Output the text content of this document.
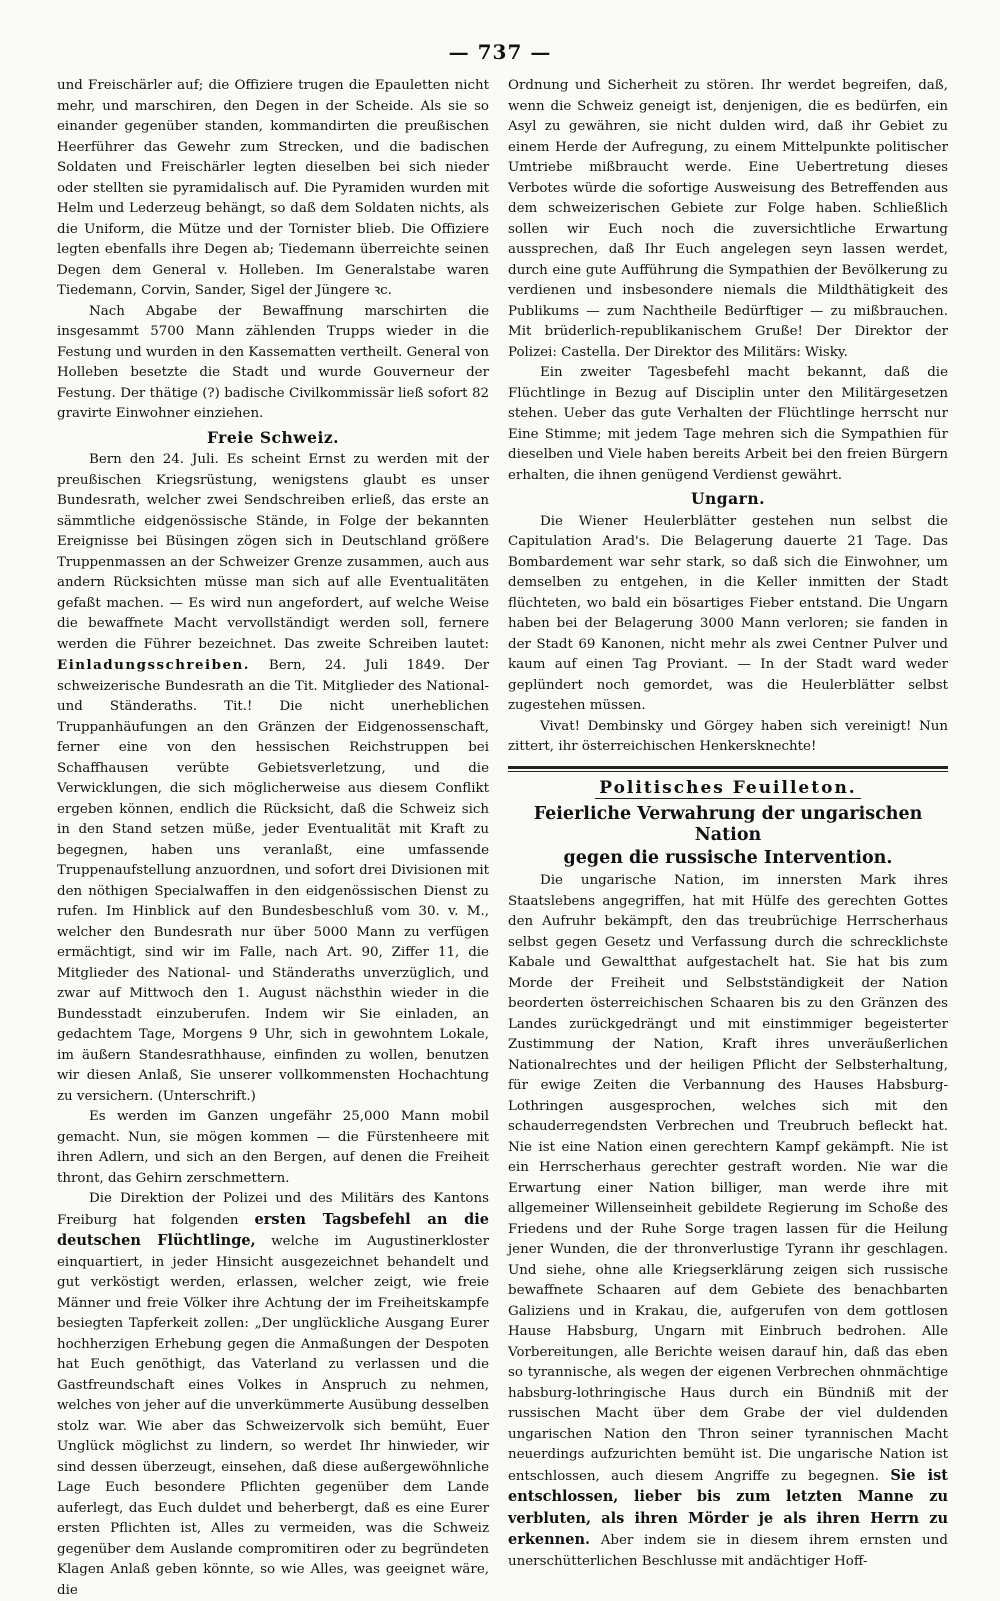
— 737 —

und Freischärler auf; die Offiziere trugen die Epauletten nicht mehr, und marschiren, den Degen in der Scheide. Als sie so einander gegenüber standen, kommandirten die preußischen Heerführer das Gewehr zum Strecken, und die badischen Soldaten und Freischärler legten dieselben bei sich nieder oder stellten sie pyramidalisch auf. Die Pyramiden wurden mit Helm und Lederzeug behängt, so daß dem Soldaten nichts, als die Uniform, die Mütze und der Tornister blieb. Die Offiziere legten ebenfalls ihre Degen ab; Tiedemann überreichte seinen Degen dem General v. Holleben. Im Generalstabe waren Tiedemann, Corvin, Sander, Sigel der Jüngere ꝛc.

Nach Abgabe der Bewaffnung marschirten die insgesammt 5700 Mann zählenden Trupps wieder in die Festung und wurden in den Kassematten vertheilt. General von Holleben besetzte die Stadt und wurde Gouverneur der Festung. Der thätige (?) badische Civilkommissär ließ sofort 82 gravirte Einwohner einziehen.

Freie Schweiz.

Bern den 24. Juli. Es scheint Ernst zu werden mit der preußischen Kriegsrüstung, wenigstens glaubt es unser Bundesrath, welcher zwei Sendschreiben erließ, das erste an sämmtliche eidgenössische Stände, in Folge der bekannten Ereignisse bei Büsingen zögen sich in Deutschland größere Truppenmassen an der Schweizer Grenze zusammen, auch aus andern Rücksichten müsse man sich auf alle Eventualitäten gefaßt machen. — Es wird nun angefordert, auf welche Weise die bewaffnete Macht vervollständigt werden soll, fernere werden die Führer bezeichnet. Das zweite Schreiben lautet: Einladungsschreiben. Bern, 24. Juli 1849. Der schweizerische Bundesrath an die Tit. Mitglieder des National- und Ständeraths. Tit.! Die nicht unerheblichen Truppanhäufungen an den Gränzen der Eidgenossenschaft, ferner eine von den hessischen Reichstruppen bei Schaffhausen verübte Gebietsverletzung, und die Verwicklungen, die sich möglicherweise aus diesem Conflikt ergeben können, endlich die Rücksicht, daß die Schweiz sich in den Stand setzen müße, jeder Eventualität mit Kraft zu begegnen, haben uns veranlaßt, eine umfassende Truppenaufstellung anzuordnen, und sofort drei Divisionen mit den nöthigen Specialwaffen in den eidgenössischen Dienst zu rufen. Im Hinblick auf den Bundesbeschluß vom 30. v. M., welcher den Bundesrath nur über 5000 Mann zu verfügen ermächtigt, sind wir im Falle, nach Art. 90, Ziffer 11, die Mitglieder des National- und Ständeraths unverzüglich, und zwar auf Mittwoch den 1. August nächsthin wieder in die Bundesstadt einzuberufen. Indem wir Sie einladen, an gedachtem Tage, Morgens 9 Uhr, sich in gewohntem Lokale, im äußern Standesrathhause, einfinden zu wollen, benutzen wir diesen Anlaß, Sie unserer vollkommensten Hochachtung zu versichern. (Unterschrift.)

Es werden im Ganzen ungefähr 25,000 Mann mobil gemacht. Nun, sie mögen kommen — die Fürstenheere mit ihren Adlern, und sich an den Bergen, auf denen die Freiheit thront, das Gehirn zerschmettern.

Die Direktion der Polizei und des Militärs des Kantons Freiburg hat folgenden ersten Tagsbefehl an die deutschen Flüchtlinge, welche im Augustinerkloster einquartiert, in jeder Hinsicht ausgezeichnet behandelt und gut verköstigt werden, erlassen, welcher zeigt, wie freie Männer und freie Völker ihre Achtung der im Freiheitskampfe besiegten Tapferkeit zollen: „Der unglückliche Ausgang Eurer hochherzigen Erhebung gegen die Anmaßungen der Despoten hat Euch genöthigt, das Vaterland zu verlassen und die Gastfreundschaft eines Volkes in Anspruch zu nehmen, welches von jeher auf die unverkümmerte Ausübung desselben stolz war. Wie aber das Schweizervolk sich bemüht, Euer Unglück möglichst zu lindern, so werdet Ihr hinwieder, wir sind dessen überzeugt, einsehen, daß diese außergewöhnliche Lage Euch besondere Pflichten gegenüber dem Lande auferlegt, das Euch duldet und beherbergt, daß es eine Eurer ersten Pflichten ist, Alles zu vermeiden, was die Schweiz gegenüber dem Auslande compromitiren oder zu begründeten Klagen Anlaß geben könnte, so wie Alles, was geeignet wäre, die

Ordnung und Sicherheit zu stören. Ihr werdet begreifen, daß, wenn die Schweiz geneigt ist, denjenigen, die es bedürfen, ein Asyl zu gewähren, sie nicht dulden wird, daß ihr Gebiet zu einem Herde der Aufregung, zu einem Mittelpunkte politischer Umtriebe mißbraucht werde. Eine Uebertretung dieses Verbotes würde die sofortige Ausweisung des Betreffenden aus dem schweizerischen Gebiete zur Folge haben. Schließlich sollen wir Euch noch die zuversichtliche Erwartung aussprechen, daß Ihr Euch angelegen seyn lassen werdet, durch eine gute Aufführung die Sympathien der Bevölkerung zu verdienen und insbesondere niemals die Mildthätigkeit des Publikums — zum Nachtheile Bedürftiger — zu mißbrauchen. Mit brüderlich-republikanischem Gruße! Der Direktor der Polizei: Castella. Der Direktor des Militärs: Wisky.

Ein zweiter Tagesbefehl macht bekannt, daß die Flüchtlinge in Bezug auf Disciplin unter den Militärgesetzen stehen. Ueber das gute Verhalten der Flüchtlinge herrscht nur Eine Stimme; mit jedem Tage mehren sich die Sympathien für dieselben und Viele haben bereits Arbeit bei den freien Bürgern erhalten, die ihnen genügend Verdienst gewährt.

Ungarn.

Die Wiener Heulerblätter gestehen nun selbst die Capitulation Arad's. Die Belagerung dauerte 21 Tage. Das Bombardement war sehr stark, so daß sich die Einwohner, um demselben zu entgehen, in die Keller inmitten der Stadt flüchteten, wo bald ein bösartiges Fieber entstand. Die Ungarn haben bei der Belagerung 3000 Mann verloren; sie fanden in der Stadt 69 Kanonen, nicht mehr als zwei Centner Pulver und kaum auf einen Tag Proviant. — In der Stadt ward weder geplündert noch gemordet, was die Heulerblätter selbst zugestehen müssen.

Vivat! Dembinsky und Görgey haben sich vereinigt! Nun zittert, ihr österreichischen Henkersknechte!

Politisches Feuilleton.
Feierliche Verwahrung der ungarischen Nation
gegen die russische Intervention.

Die ungarische Nation, im innersten Mark ihres Staatslebens angegriffen, hat mit Hülfe des gerechten Gottes den Aufruhr bekämpft, den das treubrüchige Herrscherhaus selbst gegen Gesetz und Verfassung durch die schrecklichste Kabale und Gewaltthat aufgestachelt hat. Sie hat bis zum Morde der Freiheit und Selbstständigkeit der Nation beorderten österreichischen Schaaren bis zu den Gränzen des Landes zurückgedrängt und mit einstimmiger begeisterter Zustimmung der Nation, Kraft ihres unveräußerlichen Nationalrechtes und der heiligen Pflicht der Selbsterhaltung, für ewige Zeiten die Verbannung des Hauses Habsburg-Lothringen ausgesprochen, welches sich mit den schauderregendsten Verbrechen und Treubruch befleckt hat. Nie ist eine Nation einen gerechtern Kampf gekämpft. Nie ist ein Herrscherhaus gerechter gestraft worden. Nie war die Erwartung einer Nation billiger, man werde ihre mit allgemeiner Willenseinheit gebildete Regierung im Schoße des Friedens und der Ruhe Sorge tragen lassen für die Heilung jener Wunden, die der thronverlustige Tyrann ihr geschlagen. Und siehe, ohne alle Kriegserklärung zeigen sich russische bewaffnete Schaaren auf dem Gebiete des benachbarten Galiziens und in Krakau, die, aufgerufen von dem gottlosen Hause Habsburg, Ungarn mit Einbruch bedrohen. Alle Vorbereitungen, alle Berichte weisen darauf hin, daß das eben so tyrannische, als wegen der eigenen Verbrechen ohnmächtige habsburg-lothringische Haus durch ein Bündniß mit der russischen Macht über dem Grabe der viel duldenden ungarischen Nation den Thron seiner tyrannischen Macht neuerdings aufzurichten bemüht ist. Die ungarische Nation ist entschlossen, auch diesem Angriffe zu begegnen. Sie ist entschlossen, lieber bis zum letzten Manne zu verbluten, als ihren Mörder je als ihren Herrn zu erkennen. Aber indem sie in diesem ihrem ernsten und unerschütterlichen Beschlusse mit andächtiger Hoff-
